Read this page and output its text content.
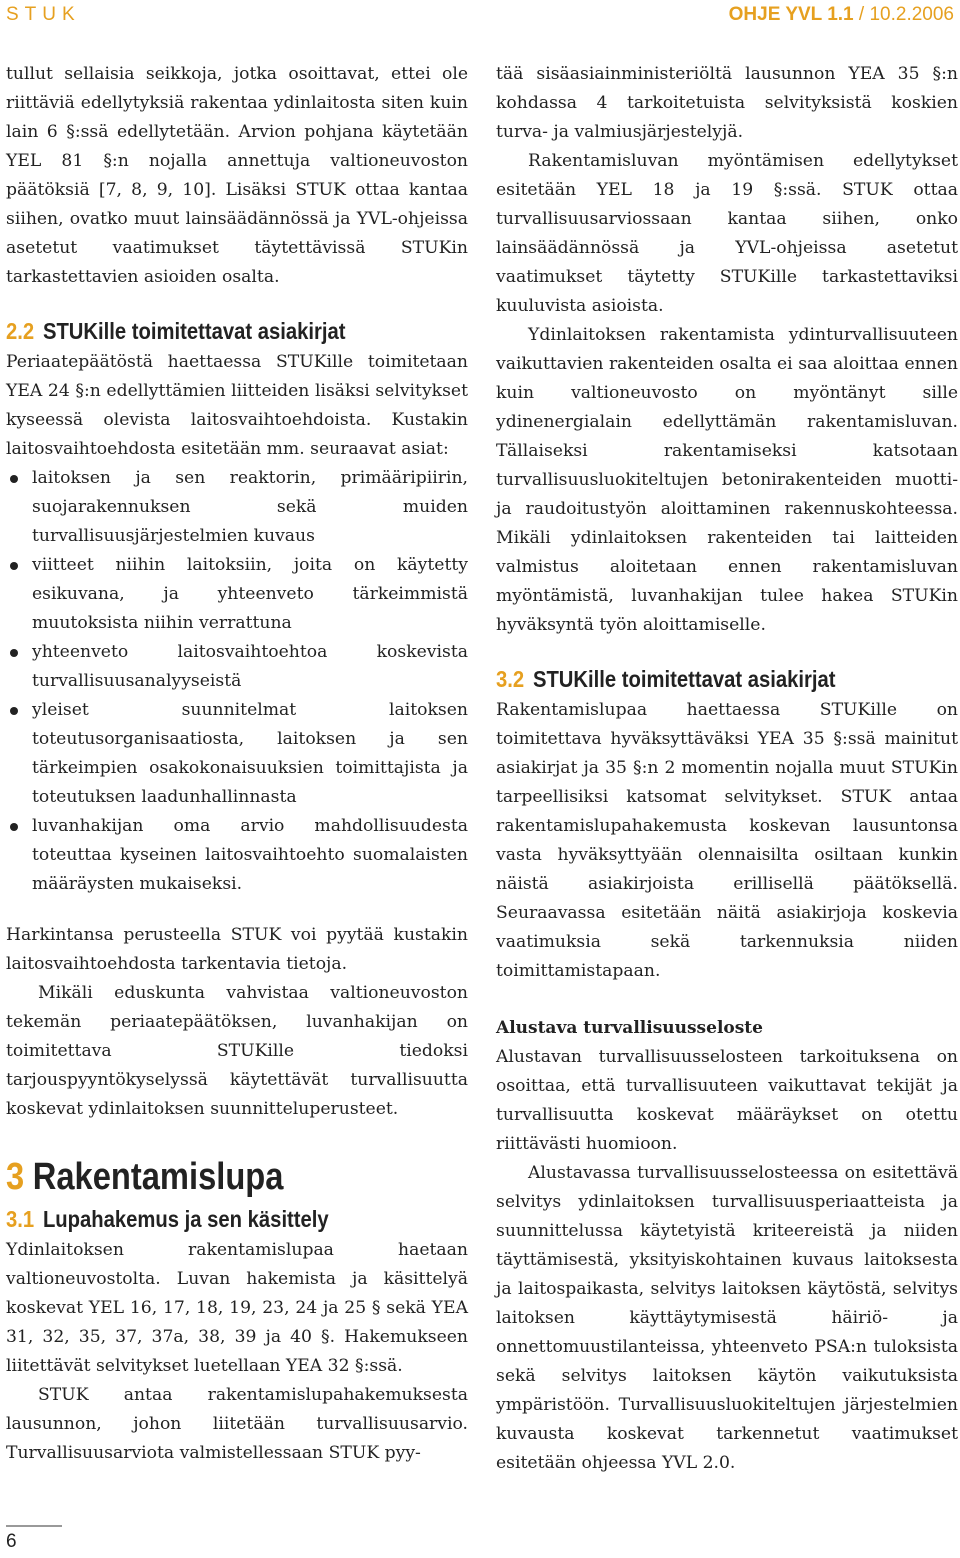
STUK	OHJE YVL 1.1 / 10.2.2006

tullut sellaisia seikkoja, jotka osoittavat, ettei ole riittäviä edellytyksiä rakentaa ydinlaitosta siten kuin lain 6 §:ssä edellytetään. Arvion pohjana käytetään YEL 81 §:n nojalla annettuja valtioneuvoston päätöksiä [7, 8, 9, 10]. Lisäksi STUK ottaa kantaa siihen, ovatko muut lainsäädännössä ja YVL-ohjeissa asetetut vaatimukset täytettävissä STUKin tarkastettavien asioiden osalta.

2.2 STUKille toimitettavat asiakirjat

Periaatepäätöstä haettaessa STUKille toimitetaan YEA 24 §:n edellyttämien liitteiden lisäksi selvitykset kyseessä olevista laitosvaihtoehdoista. Kustakin laitosvaihtoehdosta esitetään mm. seuraavat asiat:

laitoksen ja sen reaktorin, primääripiirin, suojarakennuksen sekä muiden turvallisuusjärjestelmien kuvaus
viitteet niihin laitoksiin, joita on käytetty esikuvana, ja yhteenveto tärkeimmistä muutoksista niihin verrattuna
yhteenveto laitosvaihtoehtoa koskevista turvallisuusanalyyseistä
yleiset suunnitelmat laitoksen toteutusorganisaatiosta, laitoksen ja sen tärkeimpien osakokonaisuuksien toimittajista ja toteutuksen laadunhallinnasta
luvanhakijan oma arvio mahdollisuudesta toteuttaa kyseinen laitosvaihtoehto suomalaisten määräysten mukaiseksi.

Harkintansa perusteella STUK voi pyytää kustakin laitosvaihtoehdosta tarkentavia tietoja.

Mikäli eduskunta vahvistaa valtioneuvoston tekemän periaatepäätöksen, luvanhakijan on toimitettava STUKille tiedoksi tarjouspyyntökyselyssä käytettävät turvallisuutta koskevat ydinlaitoksen suunnitteluperusteet.

3 Rakentamislupa
3.1 Lupahakemus ja sen käsittely

Ydinlaitoksen rakentamislupaa haetaan valtioneuvostolta. Luvan hakemista ja käsittelyä koskevat YEL 16, 17, 18, 19, 23, 24 ja 25 § sekä YEA 31, 32, 35, 37, 37a, 38, 39 ja 40 §. Hakemukseen liitettävät selvitykset luetellaan YEA 32 §:ssä.

STUK antaa rakentamislupahakemuksesta lausunnon, johon liitetään turvallisuusarvio. Turvallisuusarviota valmistellessaan STUK pyy-

tää sisäasiainministeriöltä lausunnon YEA 35 §:n kohdassa 4 tarkoitetuista selvityksistä koskien turva- ja valmiusjärjestelyjä.

Rakentamisluvan myöntämisen edellytykset esitetään YEL 18 ja 19 §:ssä. STUK ottaa turvallisuusarviossaan kantaa siihen, onko lainsäädännössä ja YVL-ohjeissa asetetut vaatimukset täytetty STUKille tarkastettaviksi kuuluvista asioista.

Ydinlaitoksen rakentamista ydinturvallisuuteen vaikuttavien rakenteiden osalta ei saa aloittaa ennen kuin valtioneuvosto on myöntänyt sille ydinenergialain edellyttämän rakentamisluvan. Tällaiseksi rakentamiseksi katsotaan turvallisuusluokiteltujen betonirakenteiden muotti- ja raudoitustyön aloittaminen rakennuskohteessa. Mikäli ydinlaitoksen rakenteiden tai laitteiden valmistus aloitetaan ennen rakentamisluvan myöntämistä, luvanhakijan tulee hakea STUKin hyväksyntä työn aloittamiselle.

3.2 STUKille toimitettavat asiakirjat

Rakentamislupaa haettaessa STUKille on toimitettava hyväksyttäväksi YEA 35 §:ssä mainitut asiakirjat ja 35 §:n 2 momentin nojalla muut STUKin tarpeellisiksi katsomat selvitykset. STUK antaa rakentamislupahakemusta koskevan lausuntonsa vasta hyväksyttyään olennaisilta osiltaan kunkin näistä asiakirjoista erillisellä päätöksellä. Seuraavassa esitetään näitä asiakirjoja koskevia vaatimuksia sekä tarkennuksia niiden toimittamistapaan.

Alustava turvallisuusseloste

Alustavan turvallisuusselosteen tarkoituksena on osoittaa, että turvallisuuteen vaikuttavat tekijät ja turvallisuutta koskevat määräykset on otettu riittävästi huomioon.

Alustavassa turvallisuusselosteessa on esitettävä selvitys ydinlaitoksen turvallisuusperiaatteista ja suunnittelussa käytetyistä kriteereistä ja niiden täyttämisestä, yksityiskohtainen kuvaus laitoksesta ja laitospaikasta, selvitys laitoksen käytöstä, selvitys laitoksen käyttäytymisestä häiriö- ja onnettomuustilanteissa, yhteenveto PSA:n tuloksista sekä selvitys laitoksen käytön vaikutuksista ympäristöön. Turvallisuusluokiteltujen järjestelmien kuvausta koskevat tarkennetut vaatimukset esitetään ohjeessa YVL 2.0.

6
